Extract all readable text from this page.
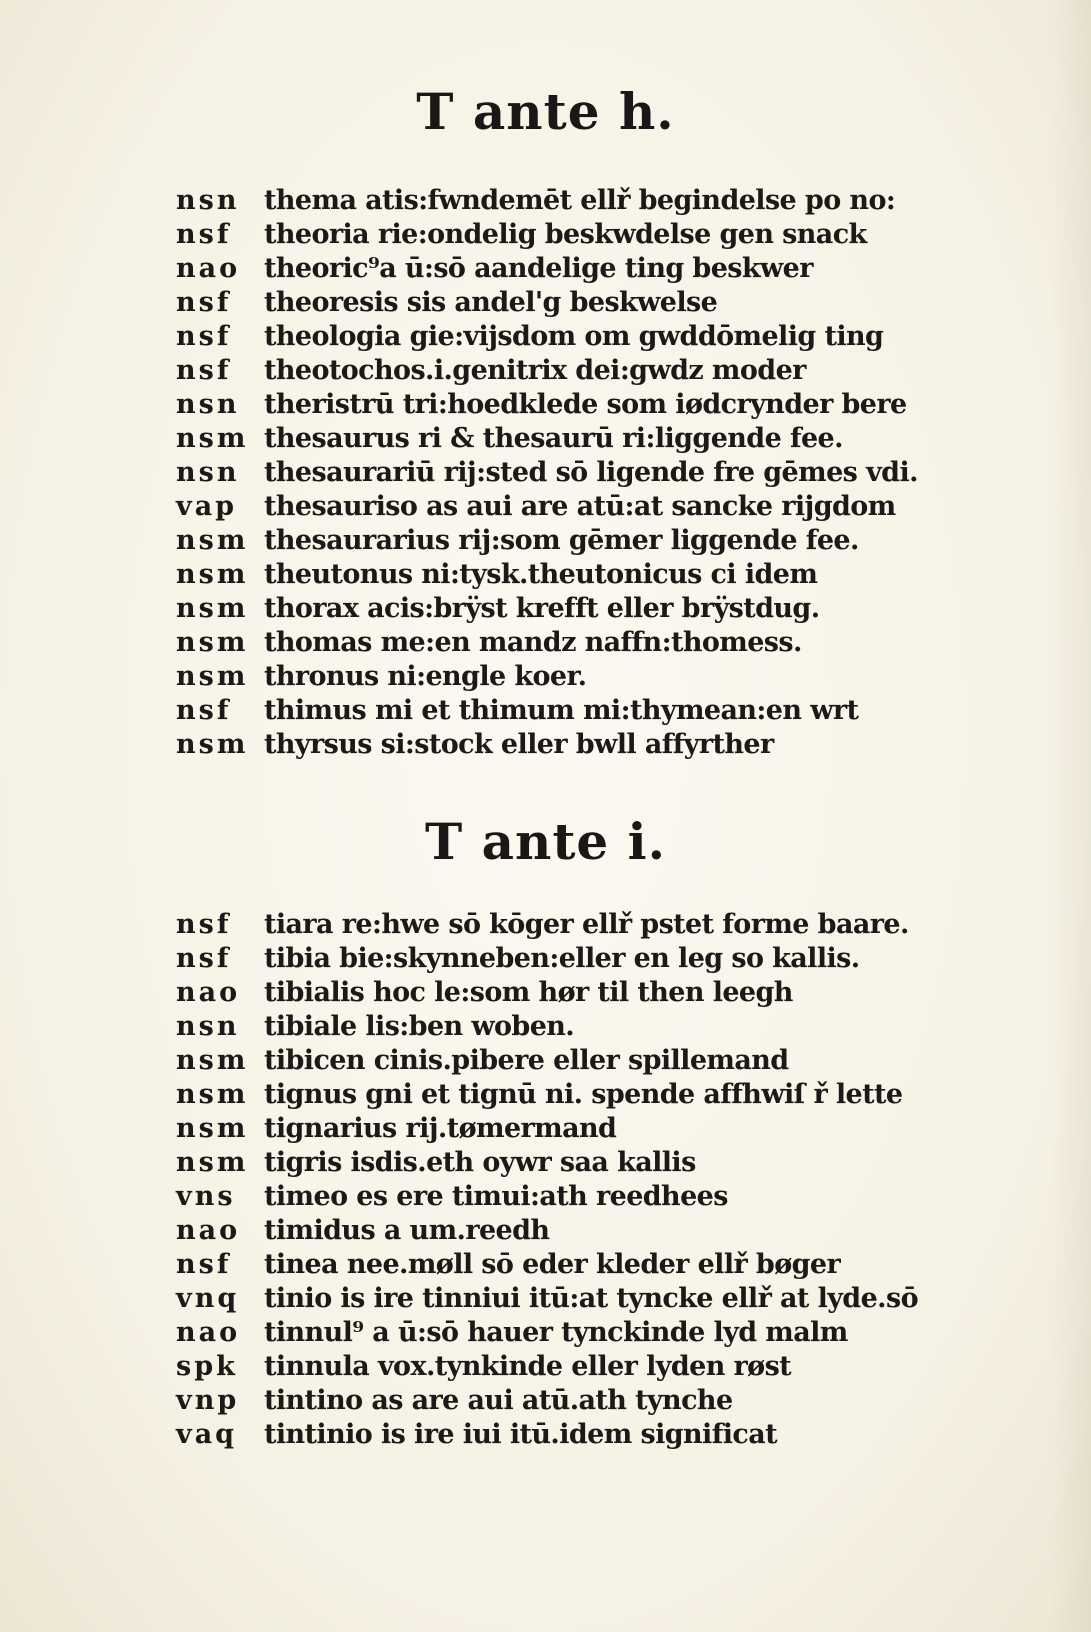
T ante h.
nsn thema atis:fwndemēt ellř begindelse po no:
nsf	theoria rie:ondelig beskwdelse gen snack
nao theoric⁹a ū:sō aandelige ting beskwer
nsf	theoresis sis andel'g beskwelse
nsf	theologia gie:vijsdom om gwddōmelig ting
nsf	theotochos.i.genitrix dei:gwdz moder
nsn theristrū tri:hoedklede som iødcrynder bere
nsm thesaurus ri & thesaurū ri:liggende fee.
nsn thesaurariū rij:sted sō ligende fre gēmes vdi.
vap thesauriso as aui are atū:at sancke rijgdom
nsm thesaurarius rij:som gēmer liggende fee.
nsm theutonus ni:tysk.theutonicus ci idem
nsm thorax acis:brÿst krefft eller brÿstdug.
nsm thomas me:en mandz naffn:thomess.
nsm thronus ni:engle koer.
nsf	thimus mi et thimum mi:thymean:en wrt
nsm thyrsus si:stock eller bwll affyrther
T ante i.
nsf	tiara re:hwe sō kōger ellř pstet forme baare.
nsf	tibia bie:skynneben:eller en leg so kallis.
nao tibialis hoc le:som hør til then leegh
nsn tibiale lis:ben woben.
nsm tibicen cinis.pibere eller spillemand
nsm tignus gni et tignū ni. spende affhwiſ ř lette
nsm tignarius rij.tømermand
nsm tigris isdis.eth oywr saa kallis
vns	timeo es ere timui:ath reedhees
nao timidus a um.reedh
nsf	tinea nee.møll sō eder kleder ellř bøger
vnq tinio is ire tinniui itū:at tyncke ellř at lyde.sō
nao tinnul⁹ a ū:sō hauer tynckinde lyd malm
spk tinnula vox.tynkinde eller lyden røst
vnp tintino as are aui atū.ath tynche
vaq tintinio is ire iui itū.idem significat
